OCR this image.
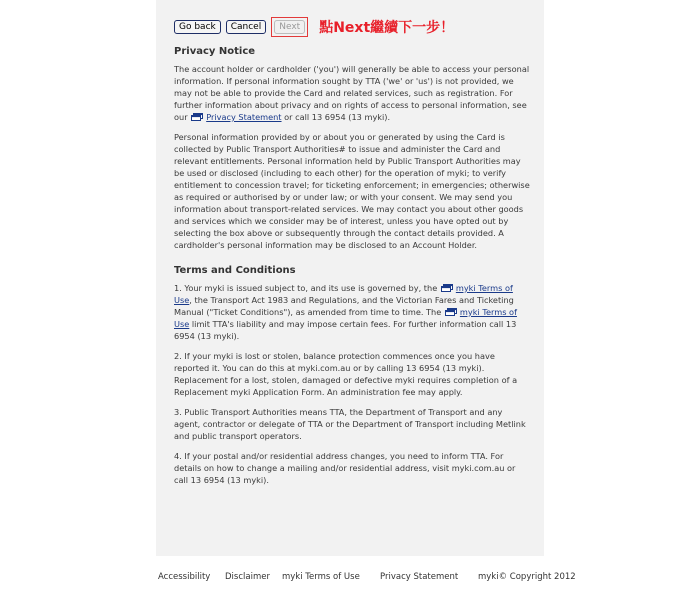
Go back	Cancel	Next	點Next繼續下一步！
Privacy Notice

The account holder or cardholder ('you') will generally be able to access your personal information. If personal information sought by TTA ('we' or 'us') is not provided, we may not be able to provide the Card and related services, such as registration. For further information about privacy and on rights of access to personal information, see our Privacy Statement or call 13 6954 (13 myki).

Personal information provided by or about you or generated by using the Card is collected by Public Transport Authorities# to issue and administer the Card and relevant entitlements. Personal information held by Public Transport Authorities may be used or disclosed (including to each other) for the operation of myki; to verify entitlement to concession travel; for ticketing enforcement; in emergencies; otherwise as required or authorised by or under law; or with your consent. We may send you information about transport-related services. We may contact you about other goods and services which we consider may be of interest, unless you have opted out by selecting the box above or subsequently through the contact details provided. A cardholder's personal information may be disclosed to an Account Holder.

Terms and Conditions

1. Your myki is issued subject to, and its use is governed by, the myki Terms of Use, the Transport Act 1983 and Regulations, and the Victorian Fares and Ticketing Manual ("Ticket Conditions"), as amended from time to time. The myki Terms of Use limit TTA's liability and may impose certain fees. For further information call 13 6954 (13 myki).

2. If your myki is lost or stolen, balance protection commences once you have reported it. You can do this at myki.com.au or by calling 13 6954 (13 myki). Replacement for a lost, stolen, damaged or defective myki requires completion of a Replacement myki Application Form. An administration fee may apply.

3. Public Transport Authorities means TTA, the Department of Transport and any agent, contractor or delegate of TTA or the Department of Transport including Metlink and public transport operators.

4. If your postal and/or residential address changes, you need to inform TTA. For details on how to change a mailing and/or residential address, visit myki.com.au or call 13 6954 (13 myki).

Accessibility	Disclaimer	myki Terms of Use	Privacy Statement	myki© Copyright 2012
